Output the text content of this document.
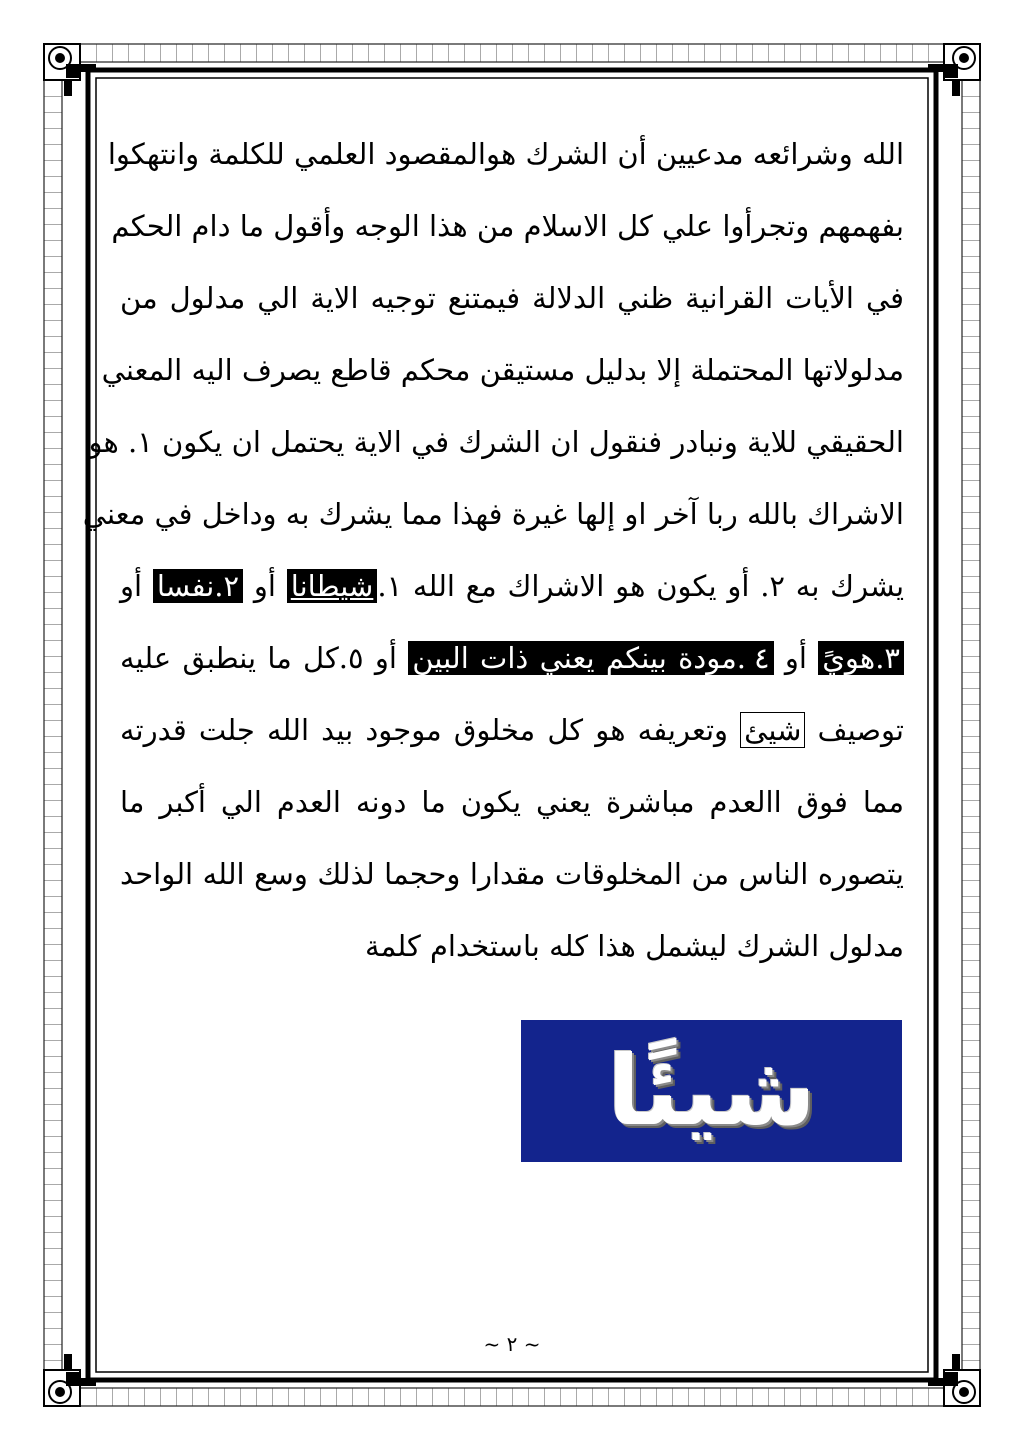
الله وشرائعه مدعيين أن الشرك هوالمقصود العلمي للكلمة وانتهكوا
بفهمهم وتجرأوا علي كل الاسلام من هذا الوجه وأقول ما دام الحكم
في الأيات القرانية ظني الدلالة فيمتنع توجيه الاية الي مدلول من
مدلولاتها المحتملة إلا بدليل مستيقن محكم قاطع يصرف اليه المعني
الحقيقي للاية ونبادر فنقول ان الشرك في الاية يحتمل ان يكون ١. هو
الاشراك بالله ربا آخر او إلها غيرة فهذا مما يشرك به وداخل في معني
يشرك به ٢. أو يكون هو الاشراك مع الله ١.شيطانا أو ٢.نفسا أو
٣.هويً أو ٤.مودة بينكم يعني ذات البين أو ٥.كل ما ينطبق عليه
توصيف شيئ وتعريفه هو كل مخلوق موجود بيد الله جلت قدرته
مما فوق االعدم مباشرة يعني يكون ما دونه العدم الي أكبر ما
يتصوره الناس من المخلوقات مقدارا وحجما لذلك وسع الله الواحد
مدلول الشرك ليشمل هذا كله باستخدام كلمة
شيئًا
~ ٢ ~
